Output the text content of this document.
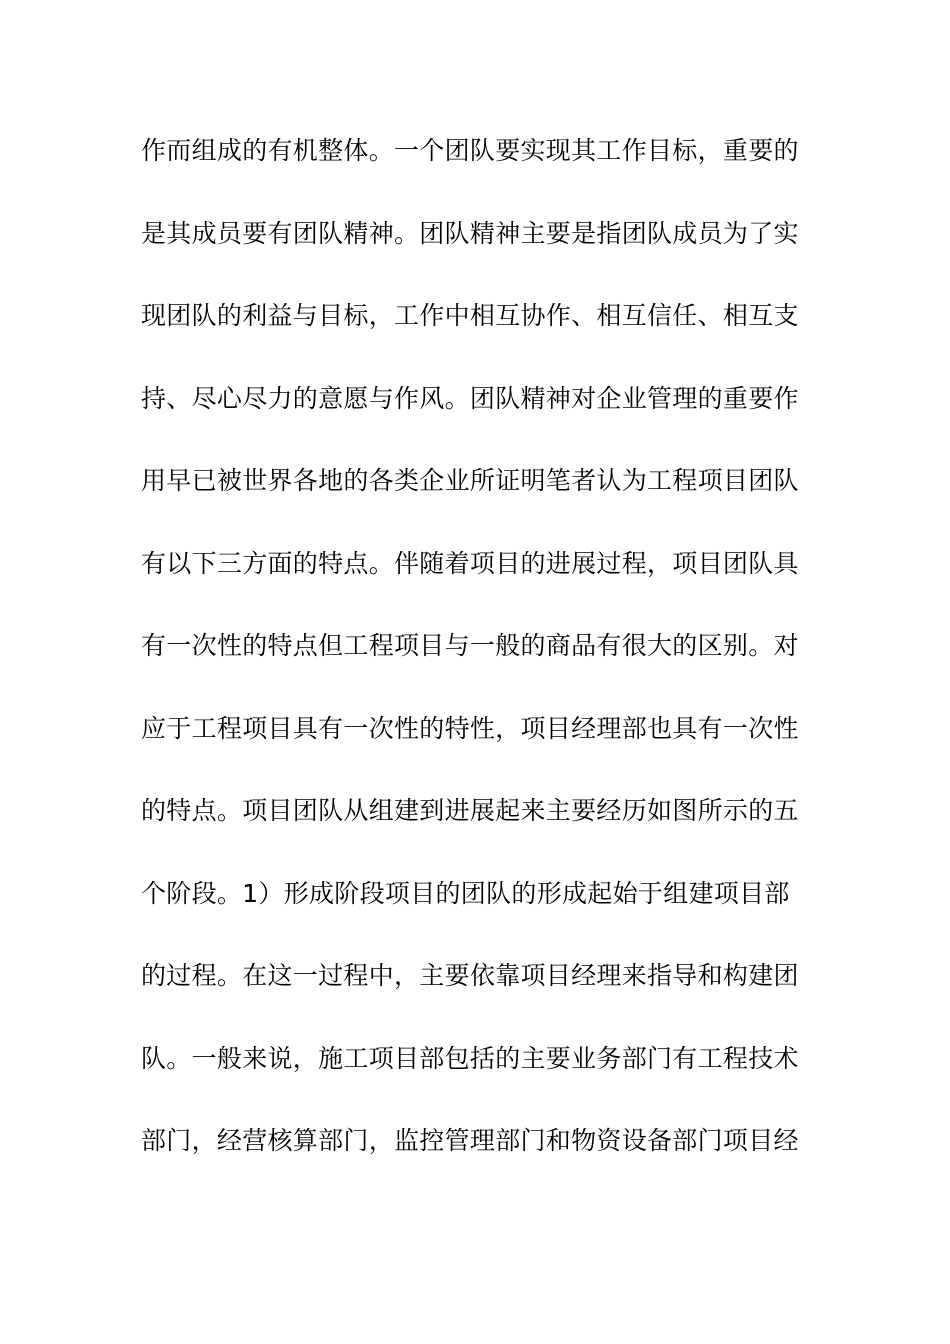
作而组成的有机整体。一个团队要实现其工作目标，重要的
是其成员要有团队精神。团队精神主要是指团队成员为了实
现团队的利益与目标，工作中相互协作、相互信任、相互支
持、尽心尽力的意愿与作风。团队精神对企业管理的重要作
用早已被世界各地的各类企业所证明笔者认为工程项目团队
有以下三方面的特点。伴随着项目的进展过程，项目团队具
有一次性的特点但工程项目与一般的商品有很大的区别。对
应于工程项目具有一次性的特性，项目经理部也具有一次性
的特点。项目团队从组建到进展起来主要经历如图所示的五
个阶段。1）形成阶段项目的团队的形成起始于组建项目部
的过程。在这一过程中，主要依靠项目经理来指导和构建团
队。一般来说，施工项目部包括的主要业务部门有工程技术
部门，经营核算部门，监控管理部门和物资设备部门项目经
